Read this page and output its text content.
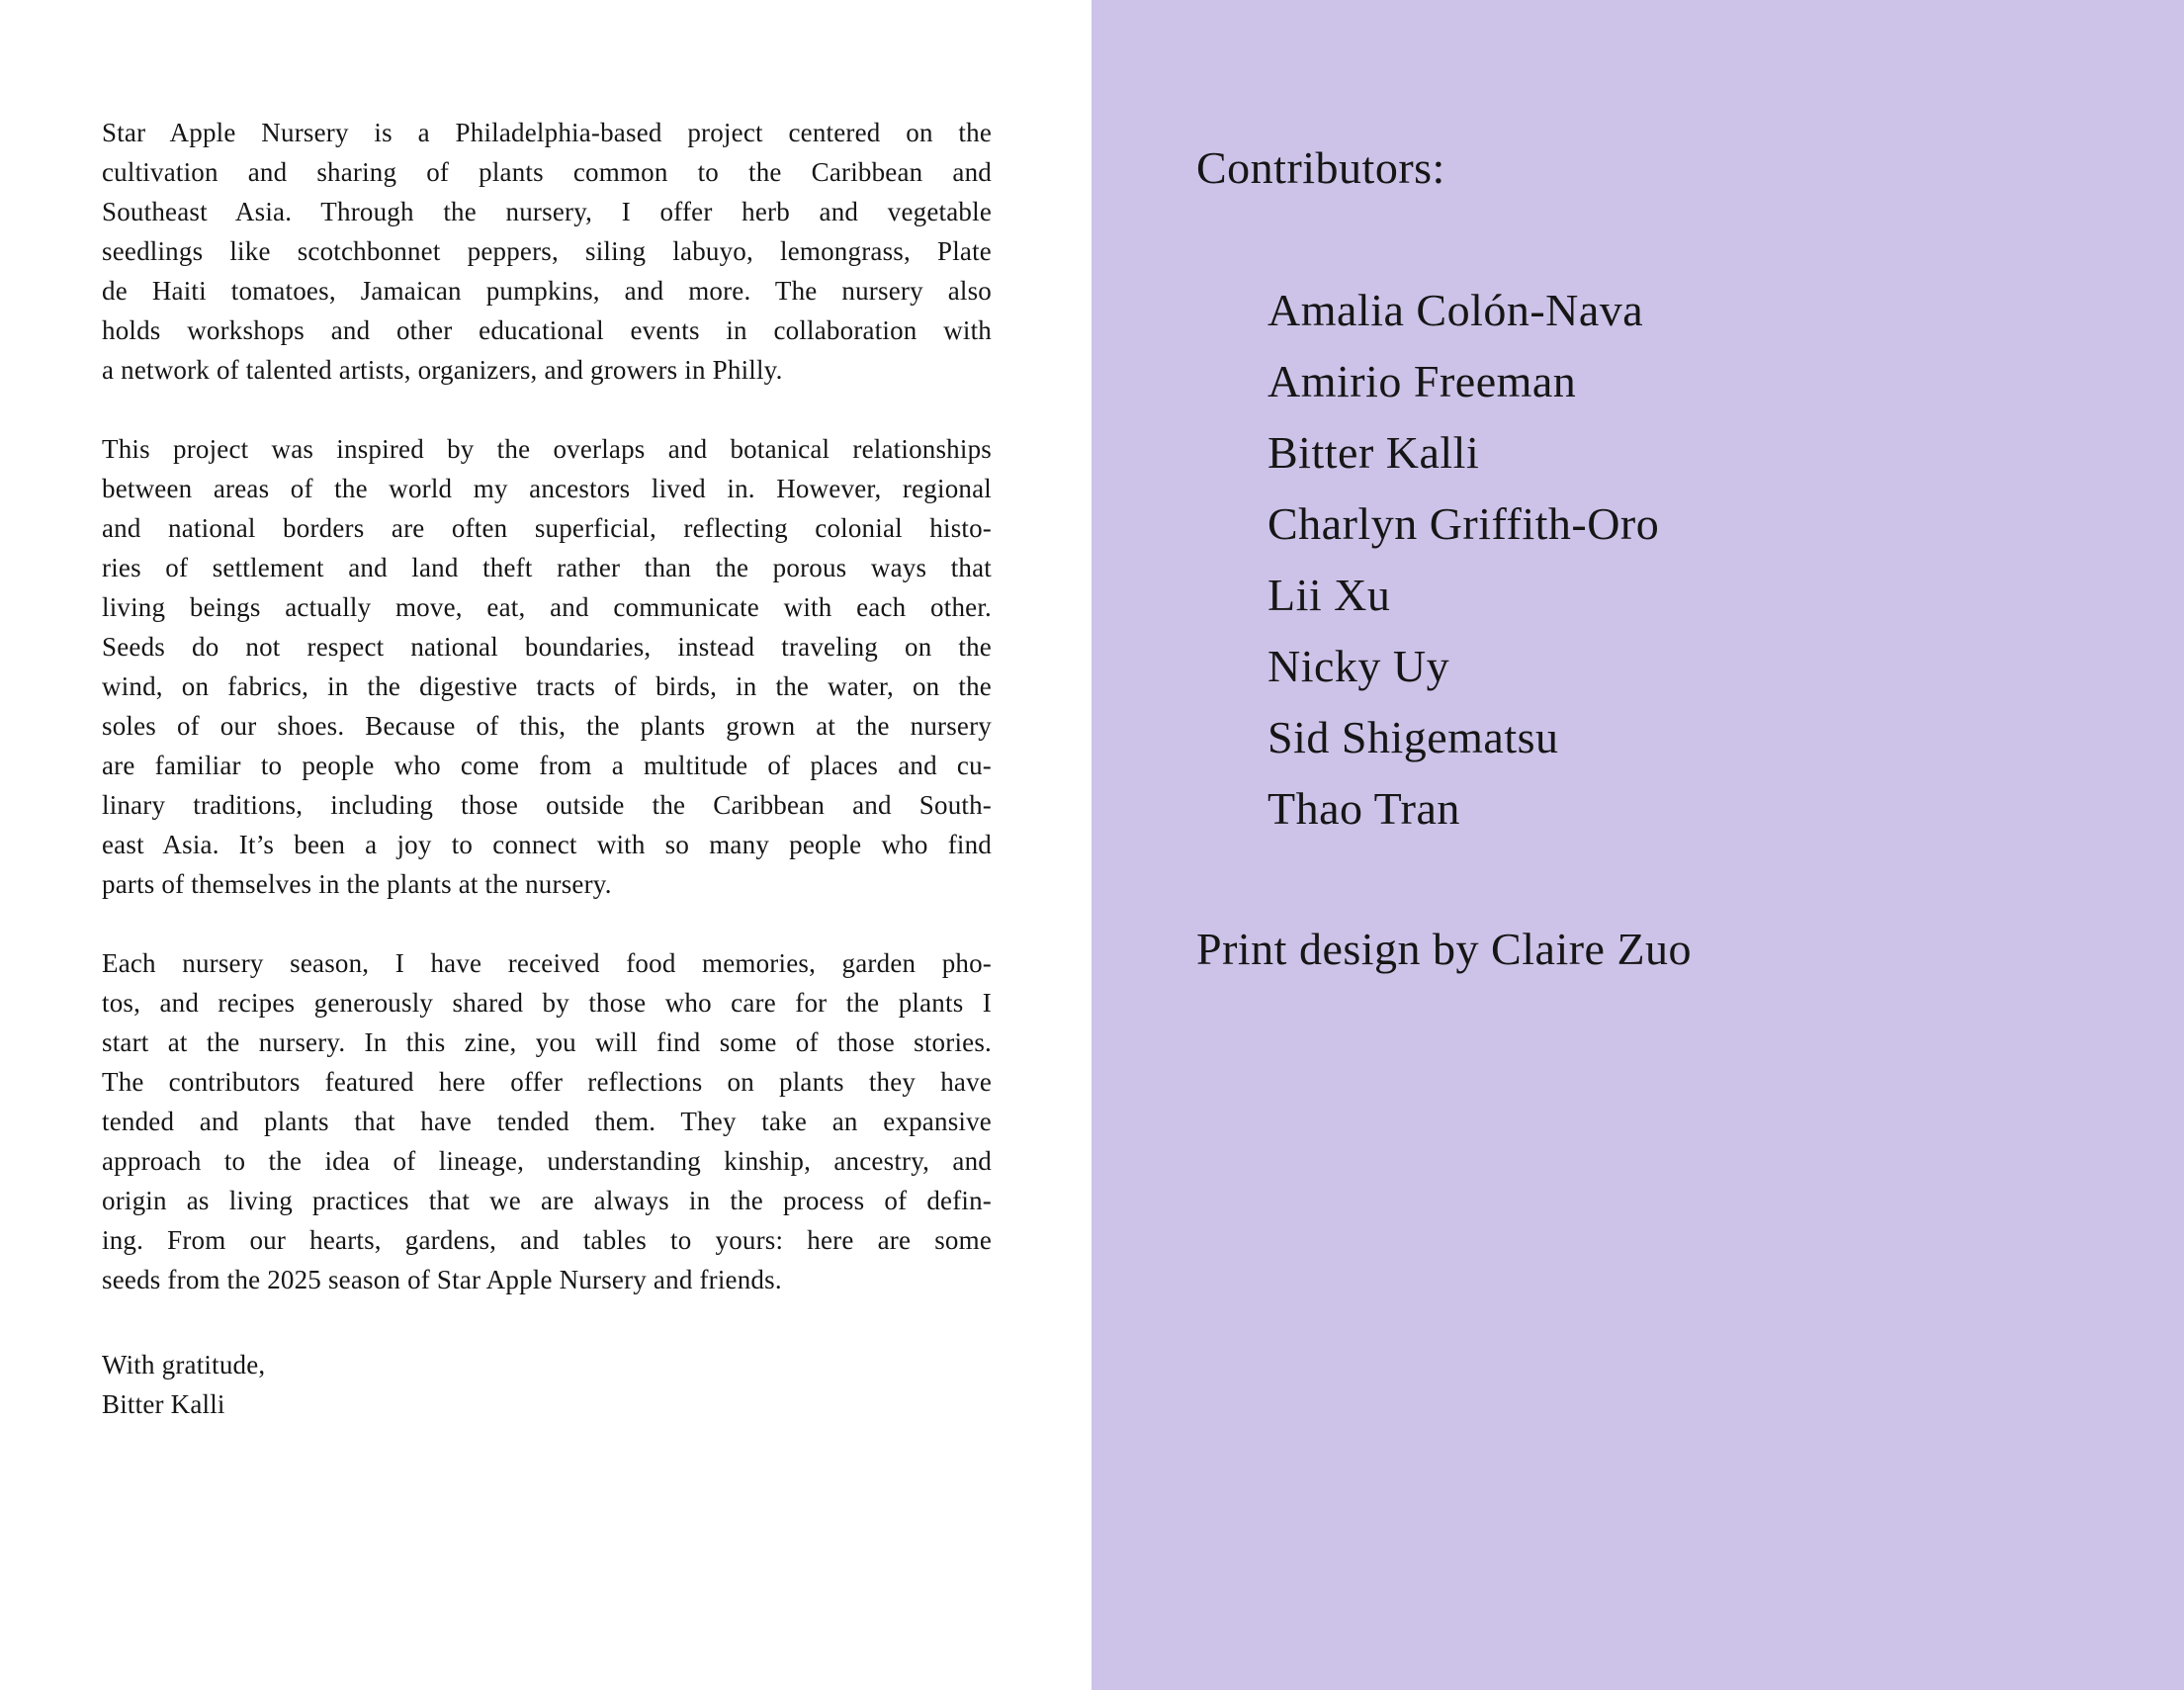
Star Apple Nursery is a Philadelphia-based project centered on the
cultivation and sharing of plants common to the Caribbean and
Southeast Asia. Through the nursery, I offer herb and vegetable
seedlings like scotchbonnet peppers, siling labuyo, lemongrass, Plate
de Haiti tomatoes, Jamaican pumpkins, and more. The nursery also
holds workshops and other educational events in collaboration with
a network of talented artists, organizers, and growers in Philly.
This project was inspired by the overlaps and botanical relationships
between areas of the world my ancestors lived in. However, regional
and national borders are often superficial, reflecting colonial histo-
ries of settlement and land theft rather than the porous ways that
living beings actually move, eat, and communicate with each other.
Seeds do not respect national boundaries, instead traveling on the
wind, on fabrics, in the digestive tracts of birds, in the water, on the
soles of our shoes. Because of this, the plants grown at the nursery
are familiar to people who come from a multitude of places and cu-
linary traditions, including those outside the Caribbean and South-
east Asia. It’s been a joy to connect with so many people who find
parts of themselves in the plants at the nursery.
Each nursery season, I have received food memories, garden pho-
tos, and recipes generously shared by those who care for the plants I
start at the nursery. In this zine, you will find some of those stories.
The contributors featured here offer reflections on plants they have
tended and plants that have tended them. They take an expansive
approach to the idea of lineage, understanding kinship, ancestry, and
origin as living practices that we are always in the process of defin-
ing. From our hearts, gardens, and tables to yours: here are some
seeds from the 2025 season of Star Apple Nursery and friends.
With gratitude,
Bitter Kalli
Contributors:
Amalia Colón-Nava
Amirio Freeman
Bitter Kalli
Charlyn Griffith-Oro
Lii Xu
Nicky Uy
Sid Shigematsu
Thao Tran
Print design by Claire Zuo
